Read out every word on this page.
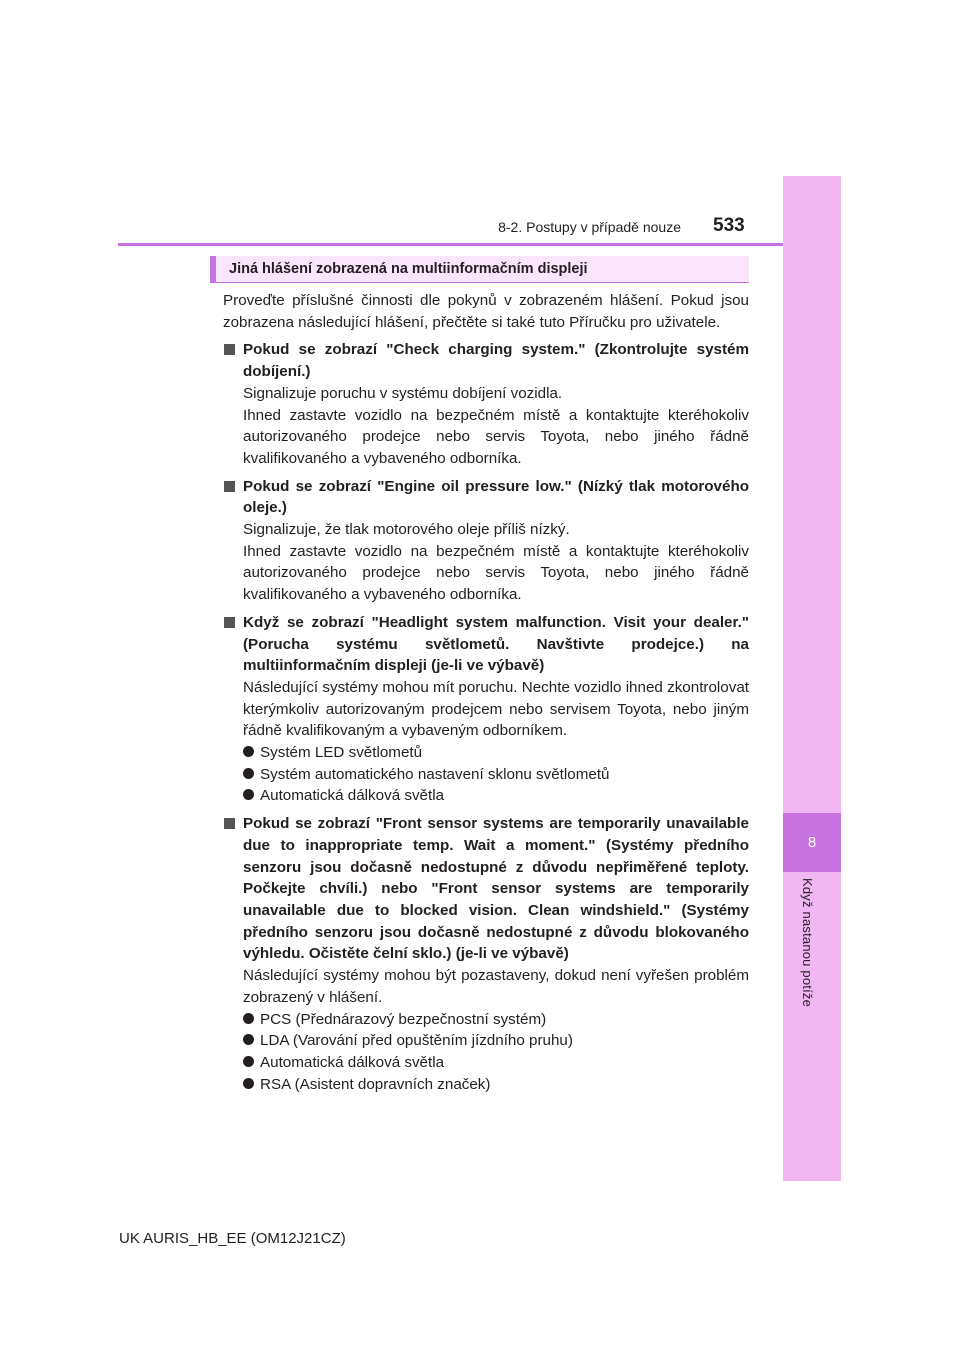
8
Když nastanou potíže
8-2. Postupy v případě nouze 533
Jiná hlášení zobrazená na multiinformačním displeji

Proveďte příslušné činnosti dle pokynů v zobrazeném hlášení. Pokud jsou zobrazena následující hlášení, přečtěte si také tuto Příručku pro uživatele.

Pokud se zobrazí "Check charging system." (Zkontrolujte systém dobíjení.)

Signalizuje poruchu v systému dobíjení vozidla.

Ihned zastavte vozidlo na bezpečném místě a kontaktujte kteréhokoliv autorizovaného prodejce nebo servis Toyota, nebo jiného řádně kvalifikovaného a vybaveného odborníka.

Pokud se zobrazí "Engine oil pressure low." (Nízký tlak motorového oleje.)

Signalizuje, že tlak motorového oleje příliš nízký.

Ihned zastavte vozidlo na bezpečném místě a kontaktujte kteréhokoliv autorizovaného prodejce nebo servis Toyota, nebo jiného řádně kvalifikovaného a vybaveného odborníka.

Když se zobrazí "Headlight system malfunction. Visit your dealer." (Porucha systému světlometů. Navštivte prodejce.) na multiinformačním displeji (je-li ve výbavě)

Následující systémy mohou mít poruchu. Nechte vozidlo ihned zkontrolovat kterýmkoliv autorizovaným prodejcem nebo servisem Toyota, nebo jiným řádně kvalifikovaným a vybaveným odborníkem.

Systém LED světlometů
Systém automatického nastavení sklonu světlometů
Automatická dálková světla
Pokud se zobrazí "Front sensor systems are temporarily unavailable due to inappropriate temp. Wait a moment." (Systémy předního senzoru jsou dočasně nedostupné z důvodu nepřiměřené teploty. Počkejte chvíli.) nebo "Front sensor systems are temporarily unavailable due to blocked vision. Clean windshield." (Systémy předního senzoru jsou dočasně nedostupné z důvodu blokovaného výhledu. Očistěte čelní sklo.) (je-li ve výbavě)

Následující systémy mohou být pozastaveny, dokud není vyřešen problém zobrazený v hlášení.

PCS (Přednárazový bezpečnostní systém)
LDA (Varování před opuštěním jízdního pruhu)
Automatická dálková světla
RSA (Asistent dopravních značek)
UK AURIS_HB_EE (OM12J21CZ)
